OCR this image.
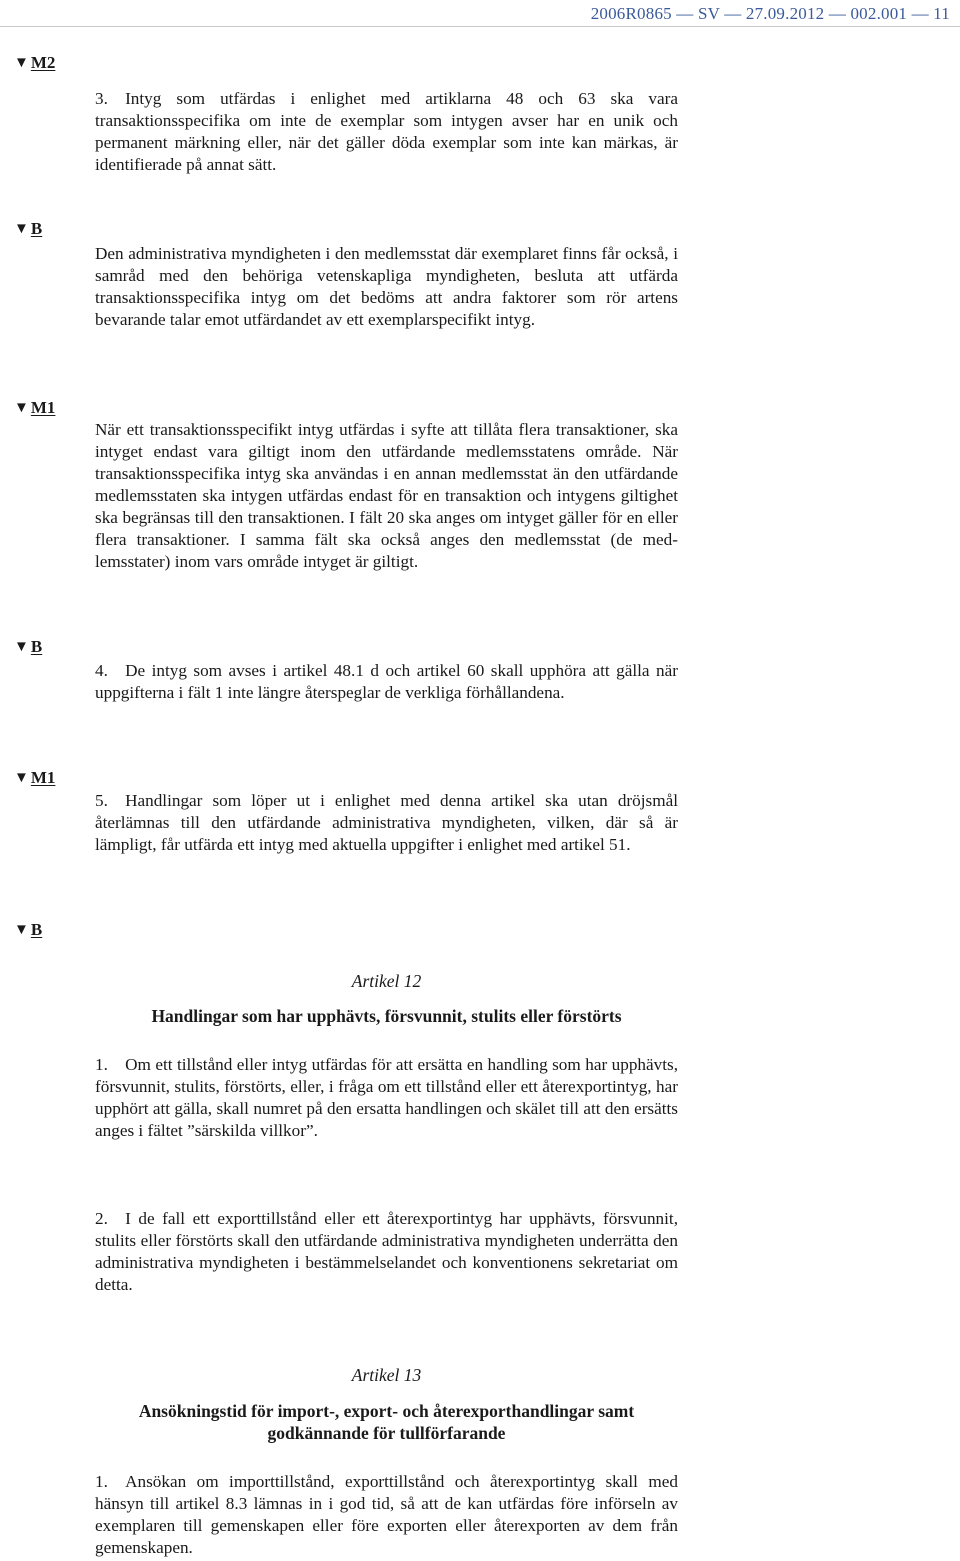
2006R0865 — SV — 27.09.2012 — 002.001 — 11
▼ M2

3. Intyg som utfärdas i enlighet med artiklarna 48 och 63 ska vara transaktionsspecifika om inte de exemplar som intygen avser har en unik och permanent märkning eller, när det gäller döda exemplar som inte kan märkas, är identifierade på annat sätt.

▼ B

Den administrativa myndigheten i den medlemsstat där exemplaret finns får också, i samråd med den behöriga vetenskapliga myndigheten, besluta att utfärda transaktionsspecifika intyg om det bedöms att andra faktorer som rör artens bevarande talar emot utfärdandet av ett exemplarspecifikt intyg.

▼ M1

När ett transaktionsspecifikt intyg utfärdas i syfte att tillåta flera transaktioner, ska intyget endast vara giltigt inom den utfärdande medlemsstatens område. När transaktionsspecifika intyg ska användas i en annan medlemsstat än den utfärdande medlemsstaten ska intygen utfärdas endast för en transaktion och intygens giltighet ska begränsas till den transaktionen. I fält 20 ska anges om intyget gäller för en eller flera transaktioner. I samma fält ska också anges den medlemsstat (de medlemsstater) inom vars område intyget är giltigt.

▼ B

4. De intyg som avses i artikel 48.1 d och artikel 60 skall upphöra att gälla när uppgifterna i fält 1 inte längre återspeglar de verkliga förhållandena.

▼ M1

5. Handlingar som löper ut i enlighet med denna artikel ska utan dröjsmål återlämnas till den utfärdande administrativa myndigheten, vilken, där så är lämpligt, får utfärda ett intyg med aktuella uppgifter i enlighet med artikel 51.

▼ B

Artikel 12

Handlingar som har upphävts, försvunnit, stulits eller förstörts

1. Om ett tillstånd eller intyg utfärdas för att ersätta en handling som har upphävts, försvunnit, stulits, förstörts, eller, i fråga om ett tillstånd eller ett återexportintyg, har upphört att gälla, skall numret på den ersatta handlingen och skälet till att den ersätts anges i fältet ”särskilda villkor”.

2. I de fall ett exporttillstånd eller ett återexportintyg har upphävts, försvunnit, stulits eller förstörts skall den utfärdande administrativa myndigheten underrätta den administrativa myndigheten i bestämmelselandet och konventionens sekretariat om detta.

Artikel 13

Ansökningstid för import-, export- och återexporthandlingar samt godkännande för tullförfarande

1. Ansökan om importtillstånd, exporttillstånd och återexportintyg skall med hänsyn till artikel 8.3 lämnas in i god tid, så att de kan utfärdas före införseln av exemplaren till gemenskapen eller före exporten eller återexporten av dem från gemenskapen.
